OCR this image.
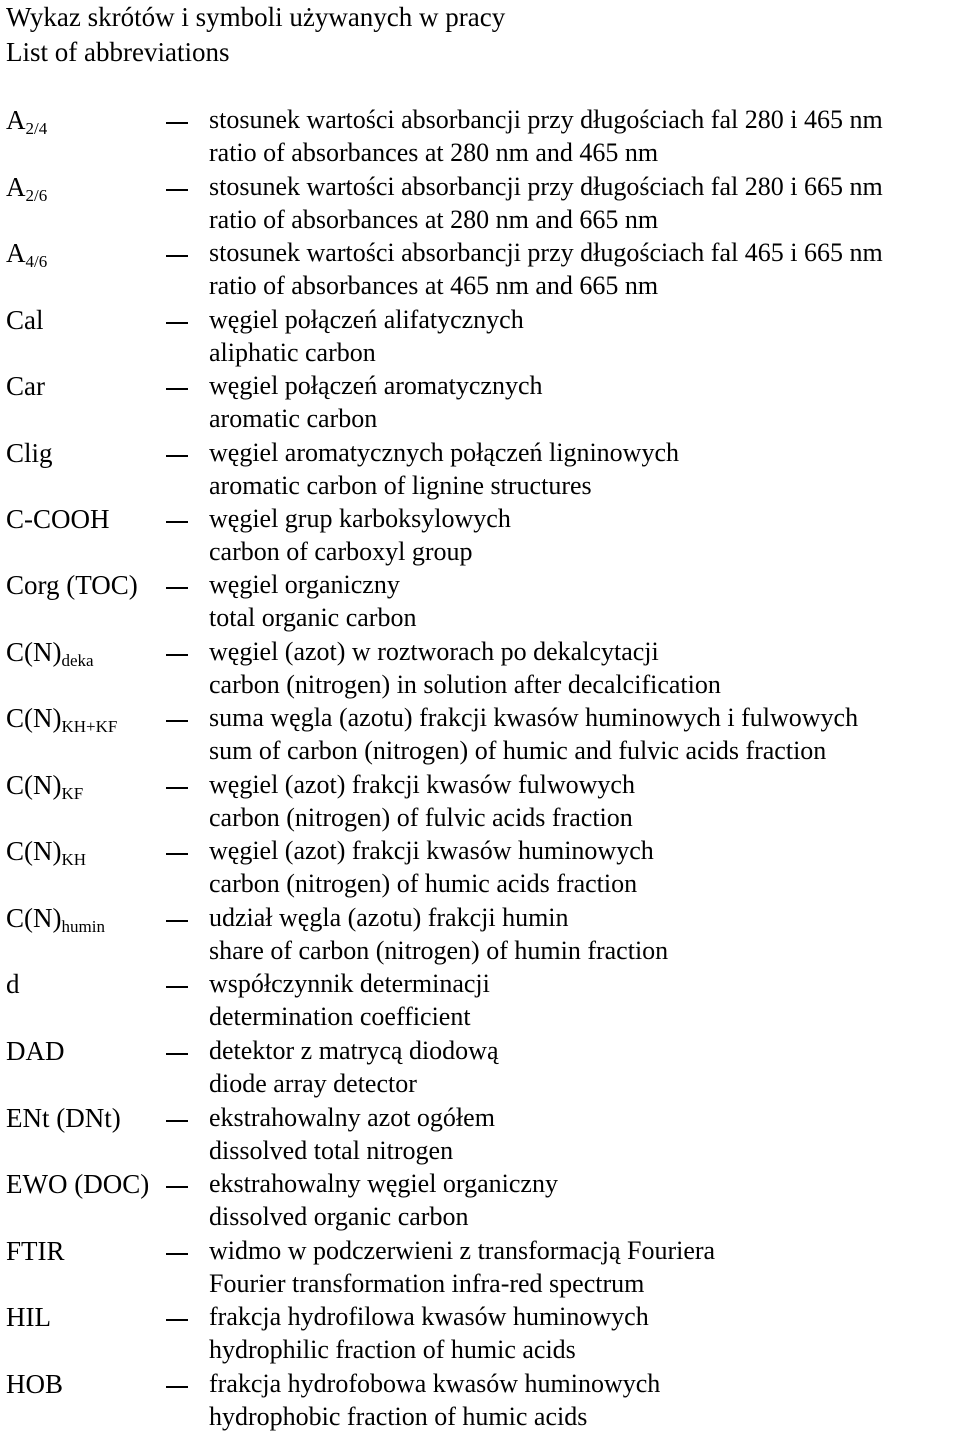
Wykaz skrótów i symboli używanych w pracy
List of abbreviations
$A_{2/4}$	stosunek wartości absorbancji przy długościach fal 280 i 465 nm
ratio of absorbances at 280 nm and 465 nm
$A_{2/6}$	stosunek wartości absorbancji przy długościach fal 280 i 665 nm
ratio of absorbances at 280 nm and 665 nm
$A_{4/6}$	stosunek wartości absorbancji przy długościach fal 465 i 665 nm
ratio of absorbances at 465 nm and 665 nm
Cal	węgiel połączeń alifatycznych
aliphatic carbon
Car	węgiel połączeń aromatycznych
aromatic carbon
Clig	węgiel aromatycznych połączeń ligninowych
aromatic carbon of lignine structures
C-COOH	węgiel grup karboksylowych
carbon of carboxyl group
Corg (TOC)	węgiel organiczny
total organic carbon
$C(N)_{deka}$	węgiel (azot) w roztworach po dekalcytacji
carbon (nitrogen) in solution after decalcification
$C(N)_{KH+KF}$	suma węgla (azotu) frakcji kwasów huminowych i fulwowych
sum of carbon (nitrogen) of humic and fulvic acids fraction
$C(N)_{KF}$	węgiel (azot) frakcji kwasów fulwowych
carbon (nitrogen) of fulvic acids fraction
$C(N)_{KH}$	węgiel (azot) frakcji kwasów huminowych
carbon (nitrogen) of humic acids fraction
$C(N)_{humin}$	udział węgla (azotu) frakcji humin
share of carbon (nitrogen) of humin fraction
d	współczynnik determinacji
determination coefficient
DAD	detektor z matrycą diodową
diode array detector
ENt (DNt)	ekstrahowalny azot ogółem
dissolved total nitrogen
EWO (DOC) ekstrahowalny węgiel organiczny
dissolved organic carbon
FTIR	widmo w podczerwieni z transformacją Fouriera
Fourier transformation infra-red spectrum
HIL	frakcja hydrofilowa kwasów huminowych
hydrophilic fraction of humic acids
HOB	frakcja hydrofobowa kwasów huminowych
hydrophobic fraction of humic acids
